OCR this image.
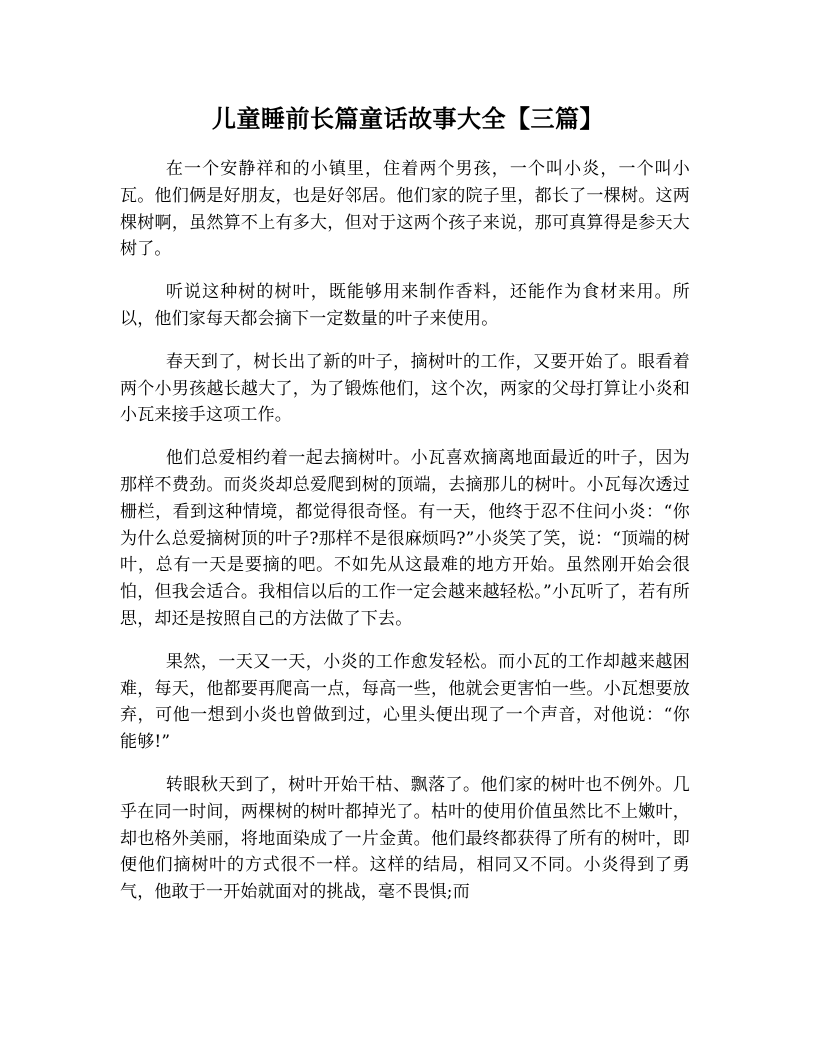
儿童睡前长篇童话故事大全【三篇】

在一个安静祥和的小镇里，住着两个男孩，一个叫小炎，一个叫小瓦。他们俩是好朋友，也是好邻居。他们家的院子里，都长了一棵树。这两棵树啊，虽然算不上有多大，但对于这两个孩子来说，那可真算得是参天大树了。

听说这种树的树叶，既能够用来制作香料，还能作为食材来用。所以，他们家每天都会摘下一定数量的叶子来使用。

春天到了，树长出了新的叶子，摘树叶的工作，又要开始了。眼看着两个小男孩越长越大了，为了锻炼他们，这个次，两家的父母打算让小炎和小瓦来接手这项工作。

他们总爱相约着一起去摘树叶。小瓦喜欢摘离地面最近的叶子，因为那样不费劲。而炎炎却总爱爬到树的顶端，去摘那儿的树叶。小瓦每次透过栅栏，看到这种情境，都觉得很奇怪。有一天，他终于忍不住问小炎：“你为什么总爱摘树顶的叶子?那样不是很麻烦吗?”小炎笑了笑，说：“顶端的树叶，总有一天是要摘的吧。不如先从这最难的地方开始。虽然刚开始会很怕，但我会适合。我相信以后的工作一定会越来越轻松。”小瓦听了，若有所思，却还是按照自己的方法做了下去。

果然，一天又一天，小炎的工作愈发轻松。而小瓦的工作却越来越困难，每天，他都要再爬高一点，每高一些，他就会更害怕一些。小瓦想要放弃，可他一想到小炎也曾做到过，心里头便出现了一个声音，对他说：“你能够!”

转眼秋天到了，树叶开始干枯、飘落了。他们家的树叶也不例外。几乎在同一时间，两棵树的树叶都掉光了。枯叶的使用价值虽然比不上嫩叶，却也格外美丽，将地面染成了一片金黄。他们最终都获得了所有的树叶，即便他们摘树叶的方式很不一样。这样的结局，相同又不同。小炎得到了勇气，他敢于一开始就面对的挑战，毫不畏惧;而
